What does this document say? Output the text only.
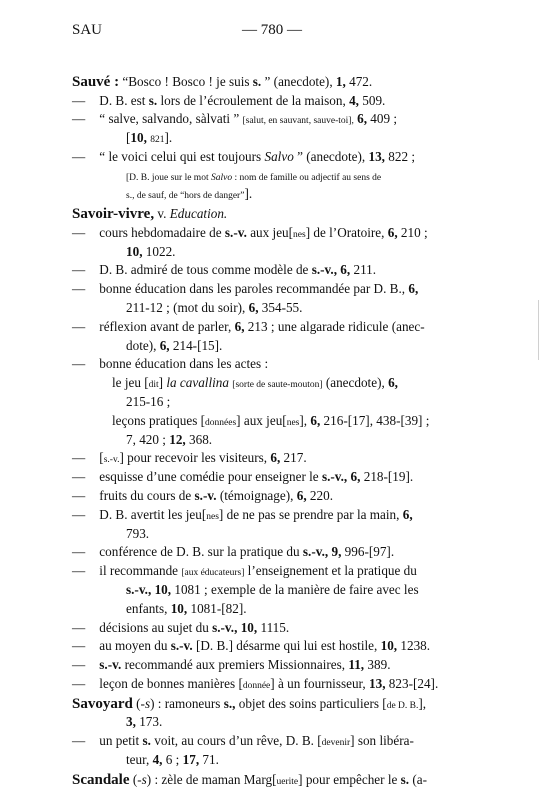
SAU	— 780 —
Sauvé : “Bosco ! Bosco ! je suis s. ” (anecdote), 1, 472.
— D. B. est s. lors de l’écroulement de la maison, 4, 509.
— “ salve, salvando, sàlvati ” [salut, en sauvant, sauve-toi], 6, 409 ;
[10, 821].
— “ le voici celui qui est toujours Salvo ” (anecdote), 13, 822 ;
[D. B. joue sur le mot Salvo : nom de famille ou adjectif au sens de
s., de sauf, de “hors de danger”].
Savoir-vivre, v. Education.
— cours hebdomadaire de s.-v. aux jeu[nes] de l’Oratoire, 6, 210 ;
10, 1022.
— D. B. admiré de tous comme modèle de s.-v., 6, 211.
— bonne éducation dans les paroles recommandée par D. B., 6,
211-12 ; (mot du soir), 6, 354-55.
— réflexion avant de parler, 6, 213 ; une algarade ridicule (anec-
dote), 6, 214-[15].
— bonne éducation dans les actes :
le jeu [dit] la cavallina [sorte de saute-mouton] (anecdote), 6,
215-16 ;
leçons pratiques [données] aux jeu[nes], 6, 216-[17], 438-[39] ;
7, 420 ; 12, 368.
— [s.-v.] pour recevoir les visiteurs, 6, 217.
— esquisse d’une comédie pour enseigner le s.-v., 6, 218-[19].
— fruits du cours de s.-v. (témoignage), 6, 220.
— D. B. avertit les jeu[nes] de ne pas se prendre par la main, 6,
793.
— conférence de D. B. sur la pratique du s.-v., 9, 996-[97].
— il recommande [aux éducateurs] l’enseignement et la pratique du
s.-v., 10, 1081 ; exemple de la manière de faire avec les
enfants, 10, 1081-[82].
— décisions au sujet du s.-v., 10, 1115.
— au moyen du s.-v. [D. B.] désarme qui lui est hostile, 10, 1238.
— s.-v. recommandé aux premiers Missionnaires, 11, 389.
— leçon de bonnes manières [donnée] à un fournisseur, 13, 823-[24].
Savoyard (-s) : ramoneurs s., objet des soins particuliers [de D. B.],
3, 173.
— un petit s. voit, au cours d’un rêve, D. B. [devenir] son libéra-
teur, 4, 6 ; 17, 71.
Scandale (-s) : zèle de maman Marg[uerite] pour empêcher le s. (a-
